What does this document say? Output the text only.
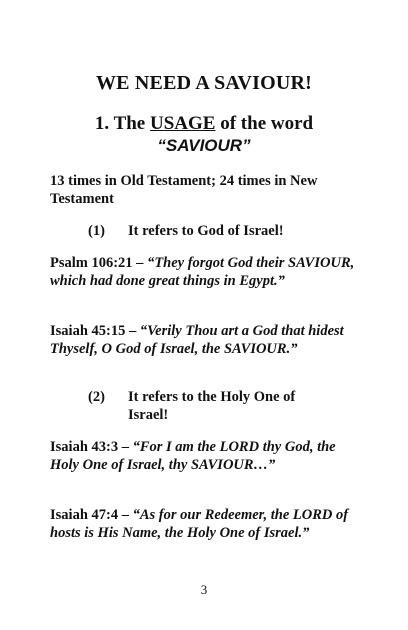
WE NEED A SAVIOUR!
1. The USAGE of the word
“SAVIOUR”
13 times in Old Testament; 24 times in New Testament
(1) It refers to God of Israel!
Psalm 106:21 – “They forgot God their SAVIOUR, which had done great things in Egypt.”
Isaiah 45:15 – “Verily Thou art a God that hidest Thyself, O God of Israel, the SAVIOUR.”
(2) It refers to the Holy One of
Israel!
Isaiah 43:3 – “For I am the LORD thy God, the Holy One of Israel, thy SAVIOUR…”
Isaiah 47:4 – “As for our Redeemer, the LORD of hosts is His Name, the Holy One of Israel.”
3
